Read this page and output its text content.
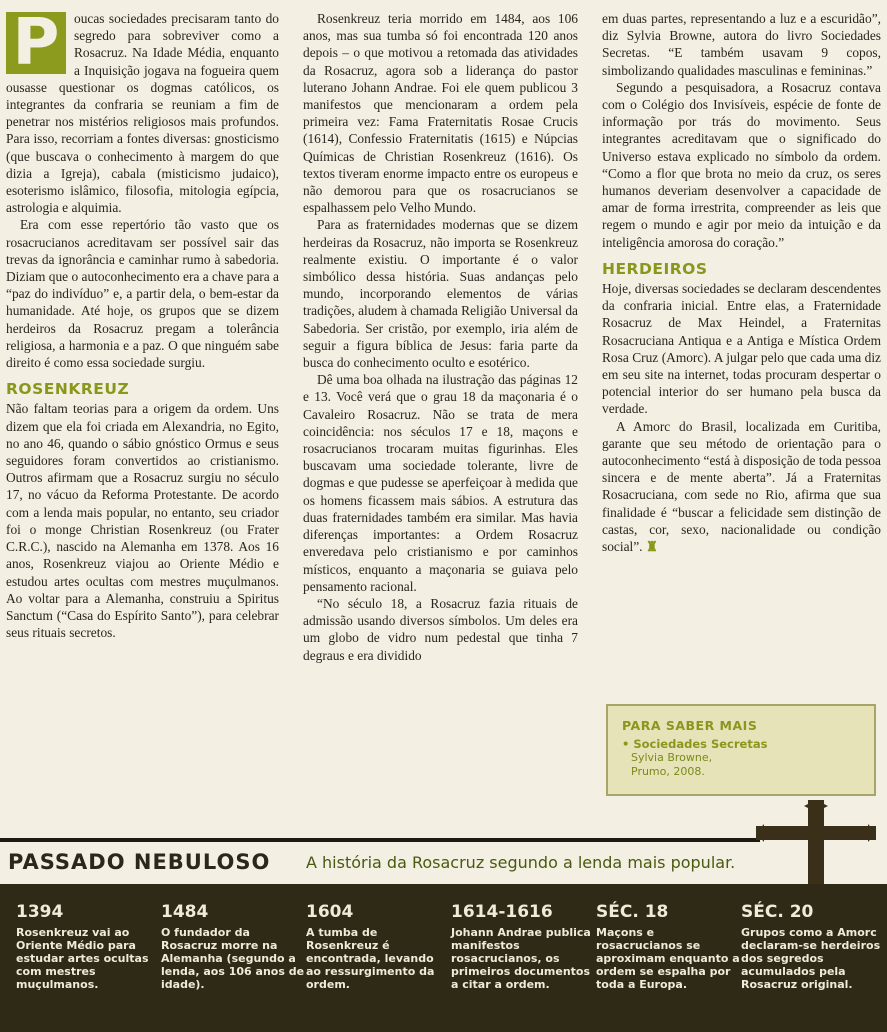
P	oucas sociedades precisaram tanto do segredo para sobreviver como a Rosacruz. Na Idade Média, enquanto a Inquisição jogava na fogueira quem ousasse questionar os dogmas católicos, os integrantes da confraria se reuniam a fim de penetrar nos mistérios religiosos mais profundos. Para isso, recorriam a fontes diversas: gnosticismo (que buscava o conhecimento à margem do que dizia a Igreja), cabala (misticismo judaico), esoterismo islâmico, filosofia, mitologia egípcia, astrologia e alquimia.

Era com esse repertório tão vasto que os rosacrucianos acreditavam ser possível sair das trevas da ignorância e caminhar rumo à sabedoria. Diziam que o autoconhecimento era a chave para a “paz do indivíduo” e, a partir dela, o bem-estar da humanidade. Até hoje, os grupos que se dizem herdeiros da Rosacruz pregam a tolerância religiosa, a harmonia e a paz. O que ninguém sabe direito é como essa sociedade surgiu.

ROSENKREUZ

Não faltam teorias para a origem da ordem. Uns dizem que ela foi criada em Alexandria, no Egito, no ano 46, quando o sábio gnóstico Ormus e seus seguidores foram convertidos ao cristianismo. Outros afirmam que a Rosacruz surgiu no século 17, no vácuo da Reforma Protestante. De acordo com a lenda mais popular, no entanto, seu criador foi o monge Christian Rosenkreuz (ou Frater C.R.C.), nascido na Alemanha em 1378. Aos 16 anos, Rosenkreuz viajou ao Oriente Médio e estudou artes ocultas com mestres muçulmanos. Ao voltar para a Alemanha, construiu a Spiritus Sanctum (“Casa do Espírito Santo”), para celebrar seus rituais secretos.

Rosenkreuz teria morrido em 1484, aos 106 anos, mas sua tumba só foi encontrada 120 anos depois – o que motivou a retomada das atividades da Rosacruz, agora sob a liderança do pastor luterano Johann Andrae. Foi ele quem publicou 3 manifestos que mencionaram a ordem pela primeira vez: Fama Fraternitatis Rosae Crucis (1614), Confessio Fraternitatis (1615) e Núpcias Químicas de Christian Rosenkreuz (1616). Os textos tiveram enorme impacto entre os europeus e não demorou para que os rosacrucianos se espalhassem pelo Velho Mundo.

Para as fraternidades modernas que se dizem herdeiras da Rosacruz, não importa se Rosenkreuz realmente existiu. O importante é o valor simbólico dessa história. Suas andanças pelo mundo, incorporando elementos de várias tradições, aludem à chamada Religião Universal da Sabedoria. Ser cristão, por exemplo, iria além de seguir a figura bíblica de Jesus: faria parte da busca do conhecimento oculto e esotérico.

Dê uma boa olhada na ilustração das páginas 12 e 13. Você verá que o grau 18 da maçonaria é o Cavaleiro Rosacruz. Não se trata de mera coincidência: nos séculos 17 e 18, maçons e rosacrucianos trocaram muitas figurinhas. Eles buscavam uma sociedade tolerante, livre de dogmas e que pudesse se aperfeiçoar à medida que os homens ficassem mais sábios. A estrutura das duas fraternidades também era similar. Mas havia diferenças importantes: a Ordem Rosacruz enveredava pelo cristianismo e por caminhos místicos, enquanto a maçonaria se guiava pelo pensamento racional.

“No século 18, a Rosacruz fazia rituais de admissão usando diversos símbolos. Um deles era um globo de vidro num pedestal que tinha 7 degraus e era dividido

em duas partes, representando a luz e a escuridão”, diz Sylvia Browne, autora do livro Sociedades Secretas. “E também usavam 9 copos, simbolizando qualidades masculinas e femininas.”

Segundo a pesquisadora, a Rosacruz contava com o Colégio dos Invisíveis, espécie de fonte de informação por trás do movimento. Seus integrantes acreditavam que o significado do Universo estava explicado no símbolo da ordem. “Como a flor que brota no meio da cruz, os seres humanos deveriam desenvolver a capacidade de amar de forma irrestrita, compreender as leis que regem o mundo e agir por meio da intuição e da inteligência amorosa do coração.”

HERDEIROS

Hoje, diversas sociedades se declaram descendentes da confraria inicial. Entre elas, a Fraternidade Rosacruz de Max Heindel, a Fraternitas Rosacruciana Antiqua e a Antiga e Mística Ordem Rosa Cruz (Amorc). A julgar pelo que cada uma diz em seu site na internet, todas procuram despertar o potencial interior do ser humano pela busca da verdade.

A Amorc do Brasil, localizada em Curitiba, garante que seu método de orientação para o autoconhecimento “está à disposição de toda pessoa sincera e de mente aberta”. Já a Fraternitas Rosacruciana, com sede no Rio, afirma que sua finalidade é “buscar a felicidade sem distinção de castas, cor, sexo, nacionalidade ou condição social”. ♜

PARA SABER MAIS
• Sociedades Secretas
Sylvia Browne,
Prumo, 2008.
PASSADO NEBULOSO A história da Rosacruz segundo a lenda mais popular.
1394
Rosenkreuz vai ao Oriente Médio para estudar artes ocultas com mestres muçulmanos.
1484
O fundador da Rosacruz morre na Alemanha (segundo a lenda, aos 106 anos de idade).
1604
A tumba de Rosenkreuz é encontrada, levando ao ressurgimento da ordem.
1614-1616
Johann Andrae publica manifestos rosacrucianos, os primeiros documentos a citar a ordem.
SÉC. 18
Maçons e rosacrucianos se aproximam enquanto a ordem se espalha por toda a Europa.
SÉC. 20
Grupos como a Amorc declaram-se herdeiros dos segredos acumulados pela Rosacruz original.
